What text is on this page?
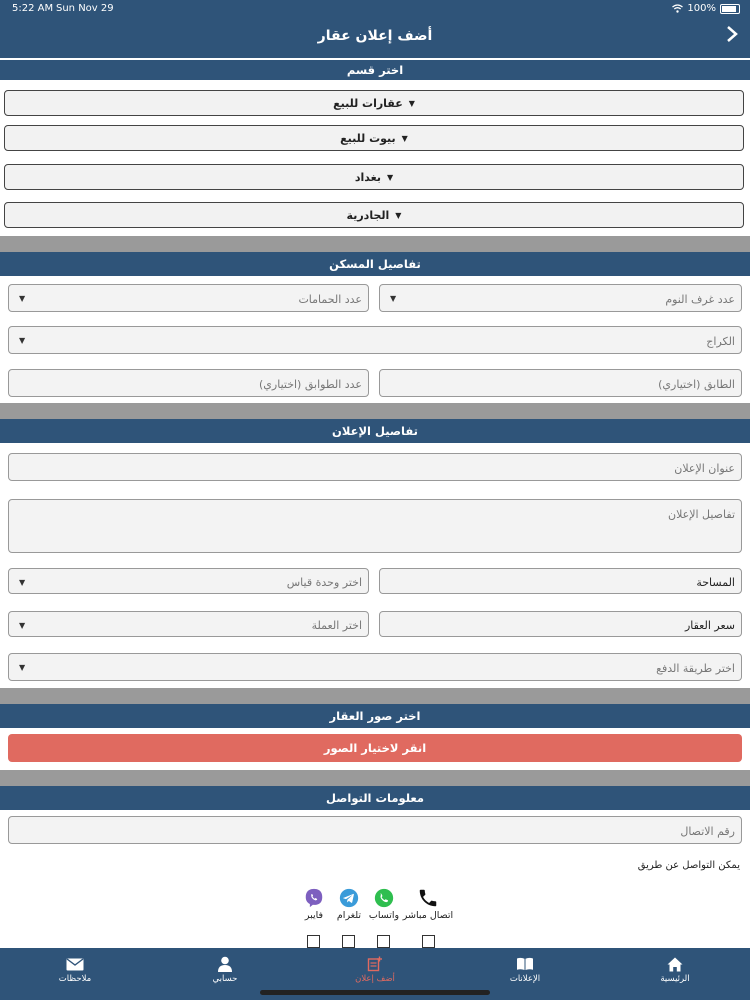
5:22 AM Sun Nov 29	100%
أضف إعلان عقار
اختر قسم
عقارات للبيع ▼
بيوت للبيع ▼
بغداد ▼
الجادرية ▼
تفاصيل المسكن
عدد غرف النوم
▼
عدد الحمامات
▼
الكراج
▼
الطابق (اختياري)
عدد الطوابق (اختياري)
تفاصيل الإعلان
عنوان الإعلان
تفاصيل الإعلان
المساحة
اختر وحدة قياس
▼
سعر العقار
اختر العملة
▼
اختر طريقة الدفع
▼
اختر صور العقار
انقر لاختيار الصور
معلومات التواصل
رقم الاتصال
يمكن التواصل عن طريق
اتصال مباشر
واتساب
تلغرام
فايبر
الرئيسية
الإعلانات
أضف إعلان
حسابي
ملاحظات
